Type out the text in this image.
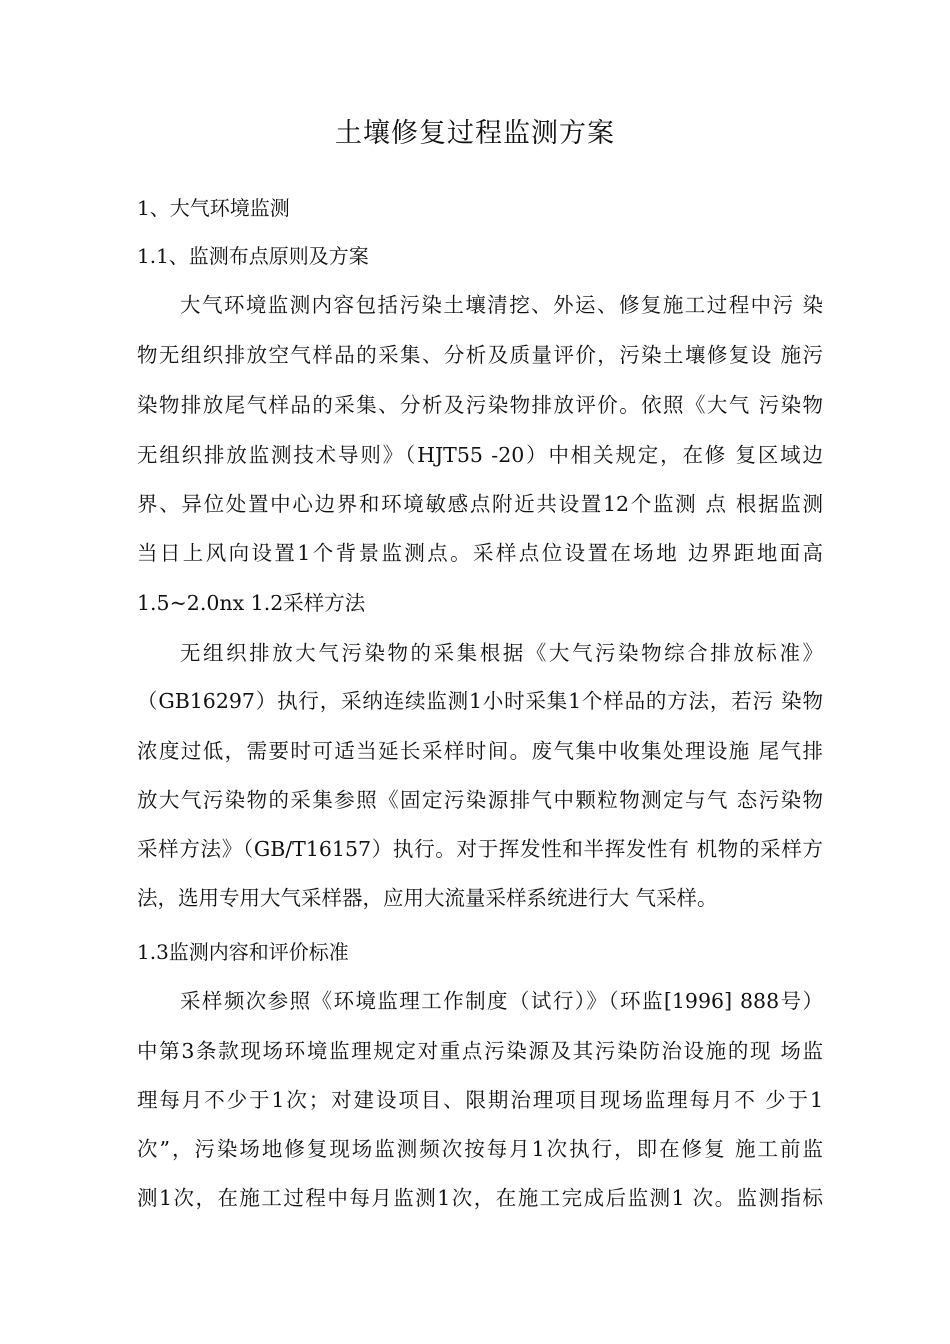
土壤修复过程监测方案
1、大气环境监测
1.1、监测布点原则及方案
大气环境监测内容包括污染土壤清挖、外运、修复施工过程中污 染
物无组织排放空气样品的采集、分析及质量评价，污染土壤修复设 施污
染物排放尾气样品的采集、分析及污染物排放评价。依照《大气 污染物
无组织排放监测技术导则》（HJT55 -20）中相关规定，在修 复区域边
界、异位处置中心边界和环境敏感点附近共设置12个监测 点 根据监测
当日上风向设置1个背景监测点。采样点位设置在场地 边界距地面高
1.5~2.0nx 1.2采样方法
无组织排放大气污染物的采集根据《大气污染物综合排放标准》
（GB16297）执行，采纳连续监测1小时采集1个样品的方法，若污 染物
浓度过低，需要时可适当延长采样时间。废气集中收集处理设施 尾气排
放大气污染物的采集参照《固定污染源排气中颗粒物测定与气 态污染物
采样方法》（GB/T16157）执行。对于挥发性和半挥发性有 机物的采样方
法，选用专用大气采样器，应用大流量采样系统进行大 气采样。
1.3监测内容和评价标准
采样频次参照《环境监理工作制度（试行）》（环监[1996] 888号）
中第3条款现场环境监理规定对重点污染源及其污染防治设施的现 场监
理每月不少于1次；对建设项目、限期治理项目现场监理每月不 少于1
次”，污染场地修复现场监测频次按每月1次执行，即在修复 施工前监
测1次，在施工过程中每月监测1次，在施工完成后监测1 次。监测指标
